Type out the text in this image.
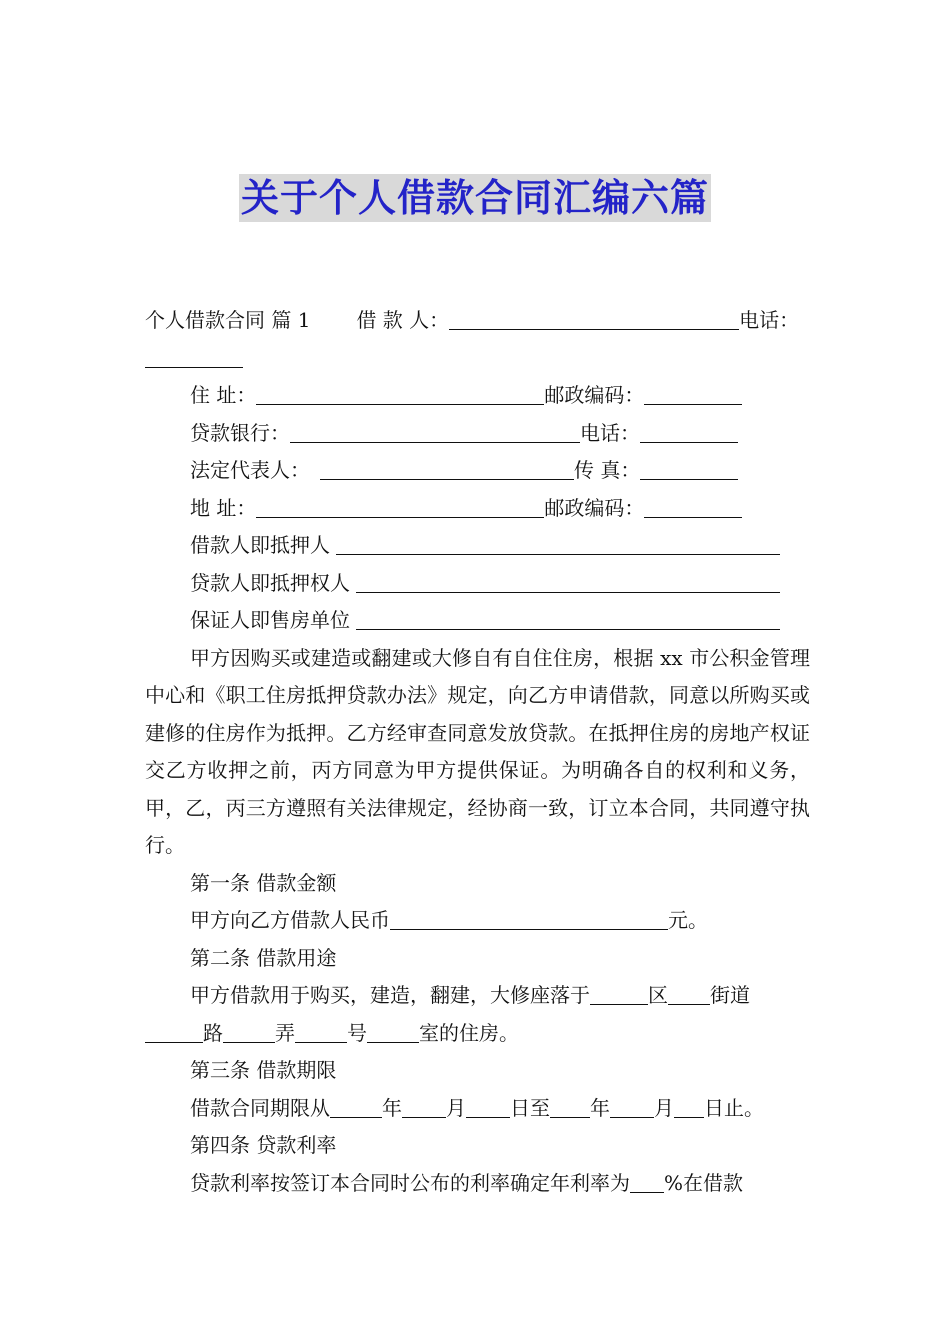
关于个人借款合同汇编六篇
个人借款合同 篇 1 借 款 人：	电话：
住 址：	邮政编码：
贷款银行：	电话：
法定代表人：	传 真：
地 址：	邮政编码：
借款人即抵押人
贷款人即抵押权人
保证人即售房单位

甲方因购买或建造或翻建或大修自有自住住房，根据 xx 市公积金管理中心和《职工住房抵押贷款办法》规定，向乙方申请借款，同意以所购买或建修的住房作为抵押。乙方经审查同意发放贷款。在抵押住房的房地产权证交乙方收押之前，丙方同意为甲方提供保证。为明确各自的权利和义务，甲，乙，丙三方遵照有关法律规定，经协商一致，订立本合同，共同遵守执行。

第一条 借款金额
甲方向乙方借款人民币	元。
第二条 借款用途
甲方借款用于购买，建造，翻建，大修座落于	区 街道
路	弄	号	室的住房。
第三条 借款期限
借款合同期限从	年 月 日至 年 月 日止。
第四条 贷款利率
贷款利率按签订本合同时公布的利率确定年利率为 %在借款
